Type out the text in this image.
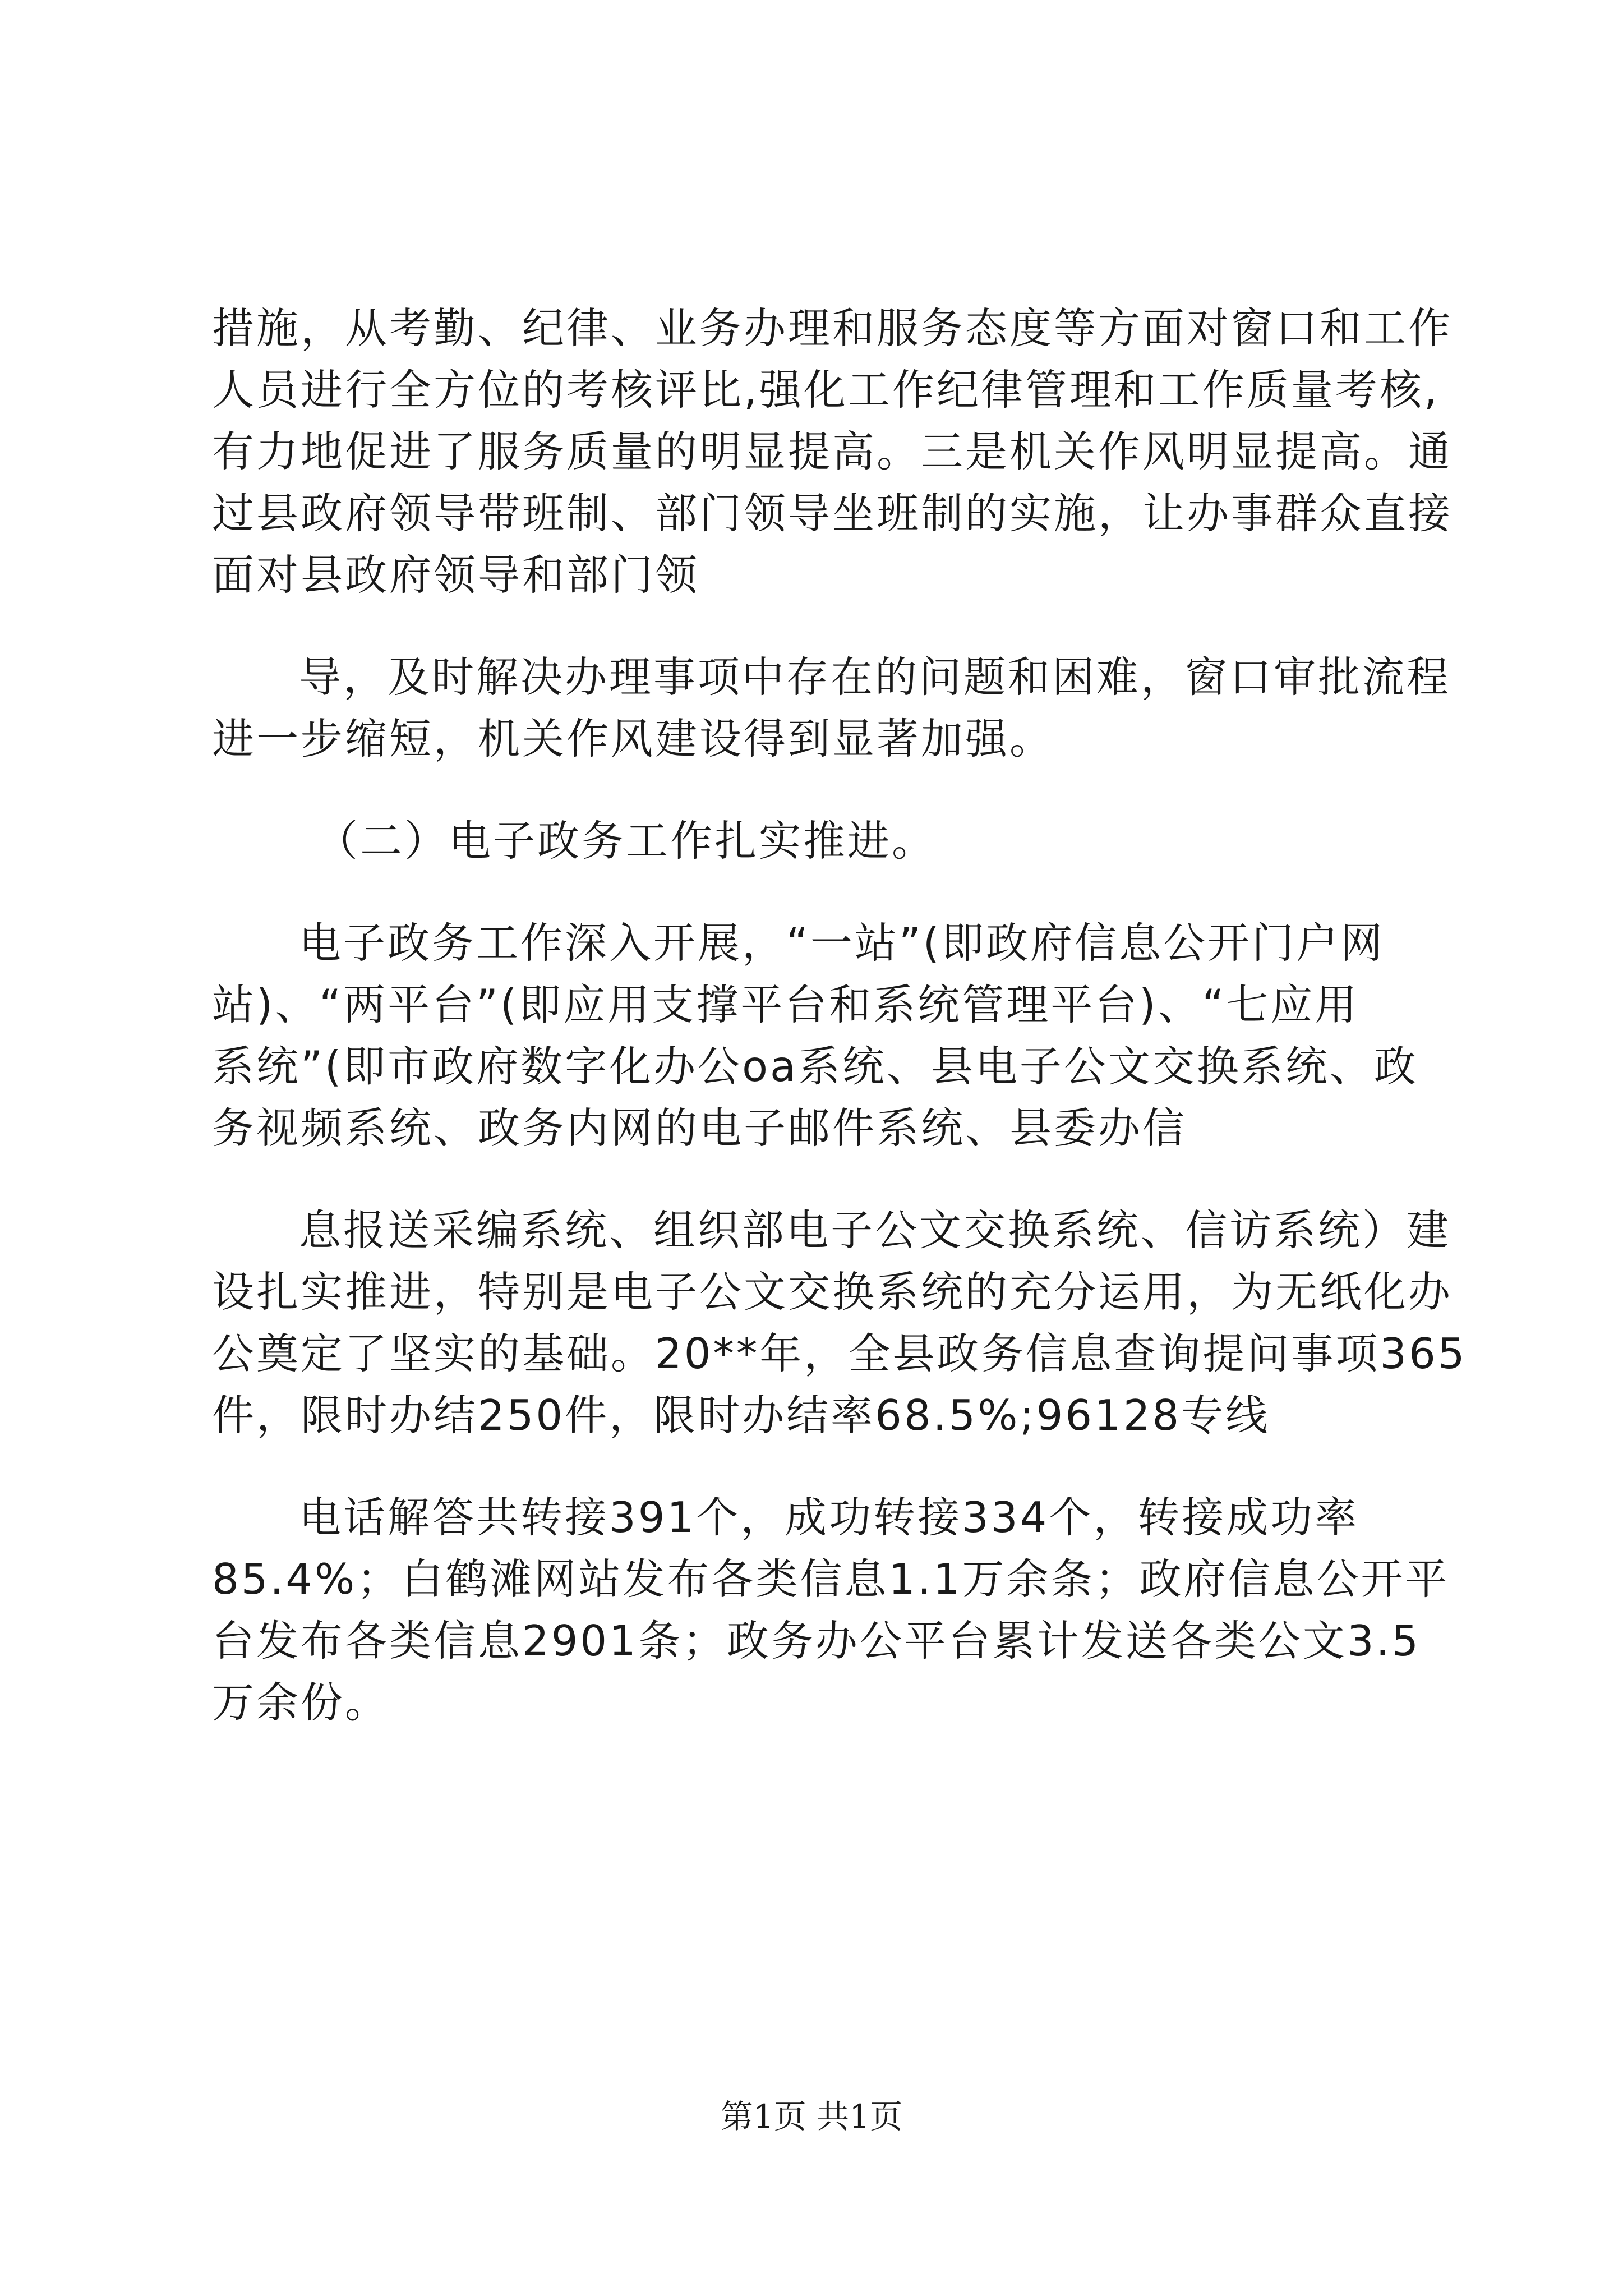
措施，从考勤、纪律、业务办理和服务态度等方面对窗口和工作
人员进行全方位的考核评比,强化工作纪律管理和工作质量考核,
有力地促进了服务质量的明显提高。三是机关作风明显提高。通
过县政府领导带班制、部门领导坐班制的实施，让办事群众直接
面对县政府领导和部门领
导，及时解决办理事项中存在的问题和困难，窗口审批流程
进一步缩短，机关作风建设得到显著加强。
（二）电子政务工作扎实推进。
电子政务工作深入开展，“一站”(即政府信息公开门户网
站)、“两平台”(即应用支撑平台和系统管理平台)、“七应用
系统”(即市政府数字化办公oa系统、县电子公文交换系统、政
务视频系统、政务内网的电子邮件系统、县委办信
息报送采编系统、组织部电子公文交换系统、信访系统）建
设扎实推进，特别是电子公文交换系统的充分运用，为无纸化办
公奠定了坚实的基础。20**年，全县政务信息查询提问事项365
件，限时办结250件，限时办结率68.5%;96128专线
电话解答共转接391个，成功转接334个，转接成功率
85.4%；白鹤滩网站发布各类信息1.1万余条；政府信息公开平
台发布各类信息2901条；政务办公平台累计发送各类公文3.5
万余份。
第1页 共1页
